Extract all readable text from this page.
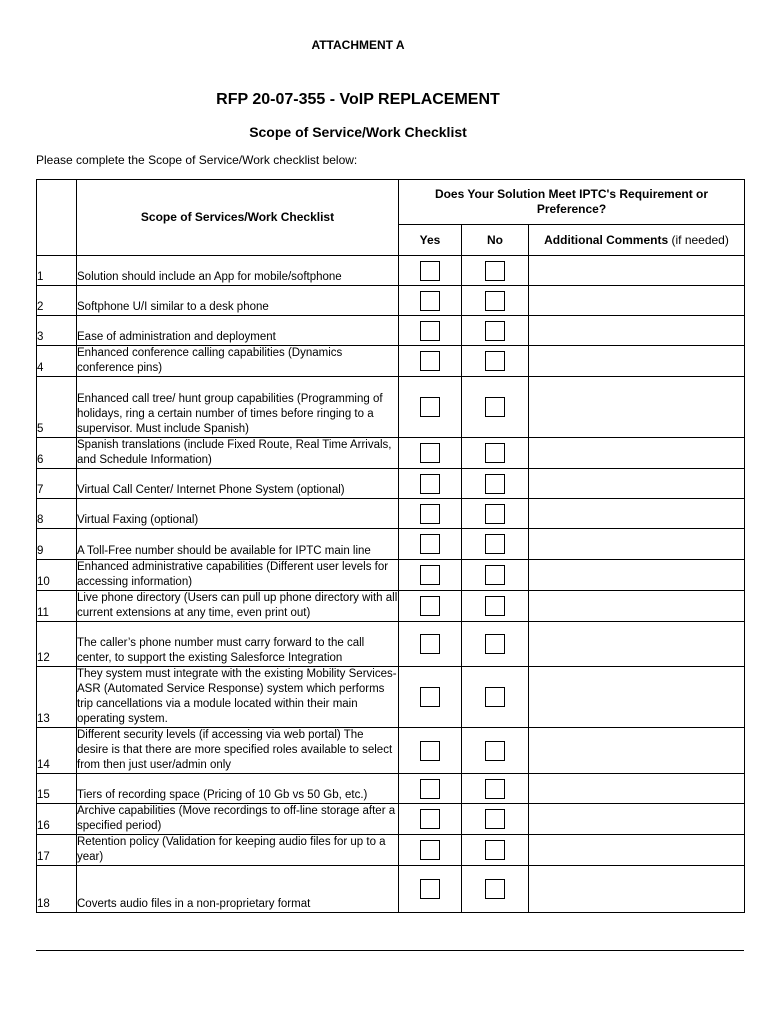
ATTACHMENT A
RFP 20-07-355 - VoIP REPLACEMENT
Scope of Service/Work Checklist
Please complete the Scope of Service/Work checklist below:
	Scope of Services/Work Checklist	Does Your Solution Meet IPTC's Requirement or Preference?		
		Yes	No	Additional Comments (if needed)
1	Solution should include an App for mobile/softphone			
2	Softphone U/I similar to a desk phone			
3	Ease of administration and deployment			
4	Enhanced conference calling capabilities (Dynamics conference pins)			
5	Enhanced call tree/ hunt group capabilities (Programming of holidays, ring a certain number of times before ringing to a supervisor. Must include Spanish)			
6	Spanish translations (include Fixed Route, Real Time Arrivals, and Schedule Information)			
7	Virtual Call Center/ Internet Phone System (optional)			
8	Virtual Faxing (optional)			
9	A Toll-Free number should be available for IPTC main line			
10	Enhanced administrative capabilities (Different user levels for accessing information)			
11	Live phone directory (Users can pull up phone directory with all current extensions at any time, even print out)			
12	The caller’s phone number must carry forward to the call center, to support the existing Salesforce Integration			
13	They system must integrate with the existing Mobility Services- ASR (Automated Service Response) system which performs trip cancellations via a module located within their main operating system.			
14	Different security levels (if accessing via web portal) The desire is that there are more specified roles available to select from then just user/admin only			
15	Tiers of recording space (Pricing of 10 Gb vs 50 Gb, etc.)			
16	Archive capabilities (Move recordings to off-line storage after a specified period)			
17	Retention policy (Validation for keeping audio files for up to a year)			
18	Coverts audio files in a non-proprietary format			
